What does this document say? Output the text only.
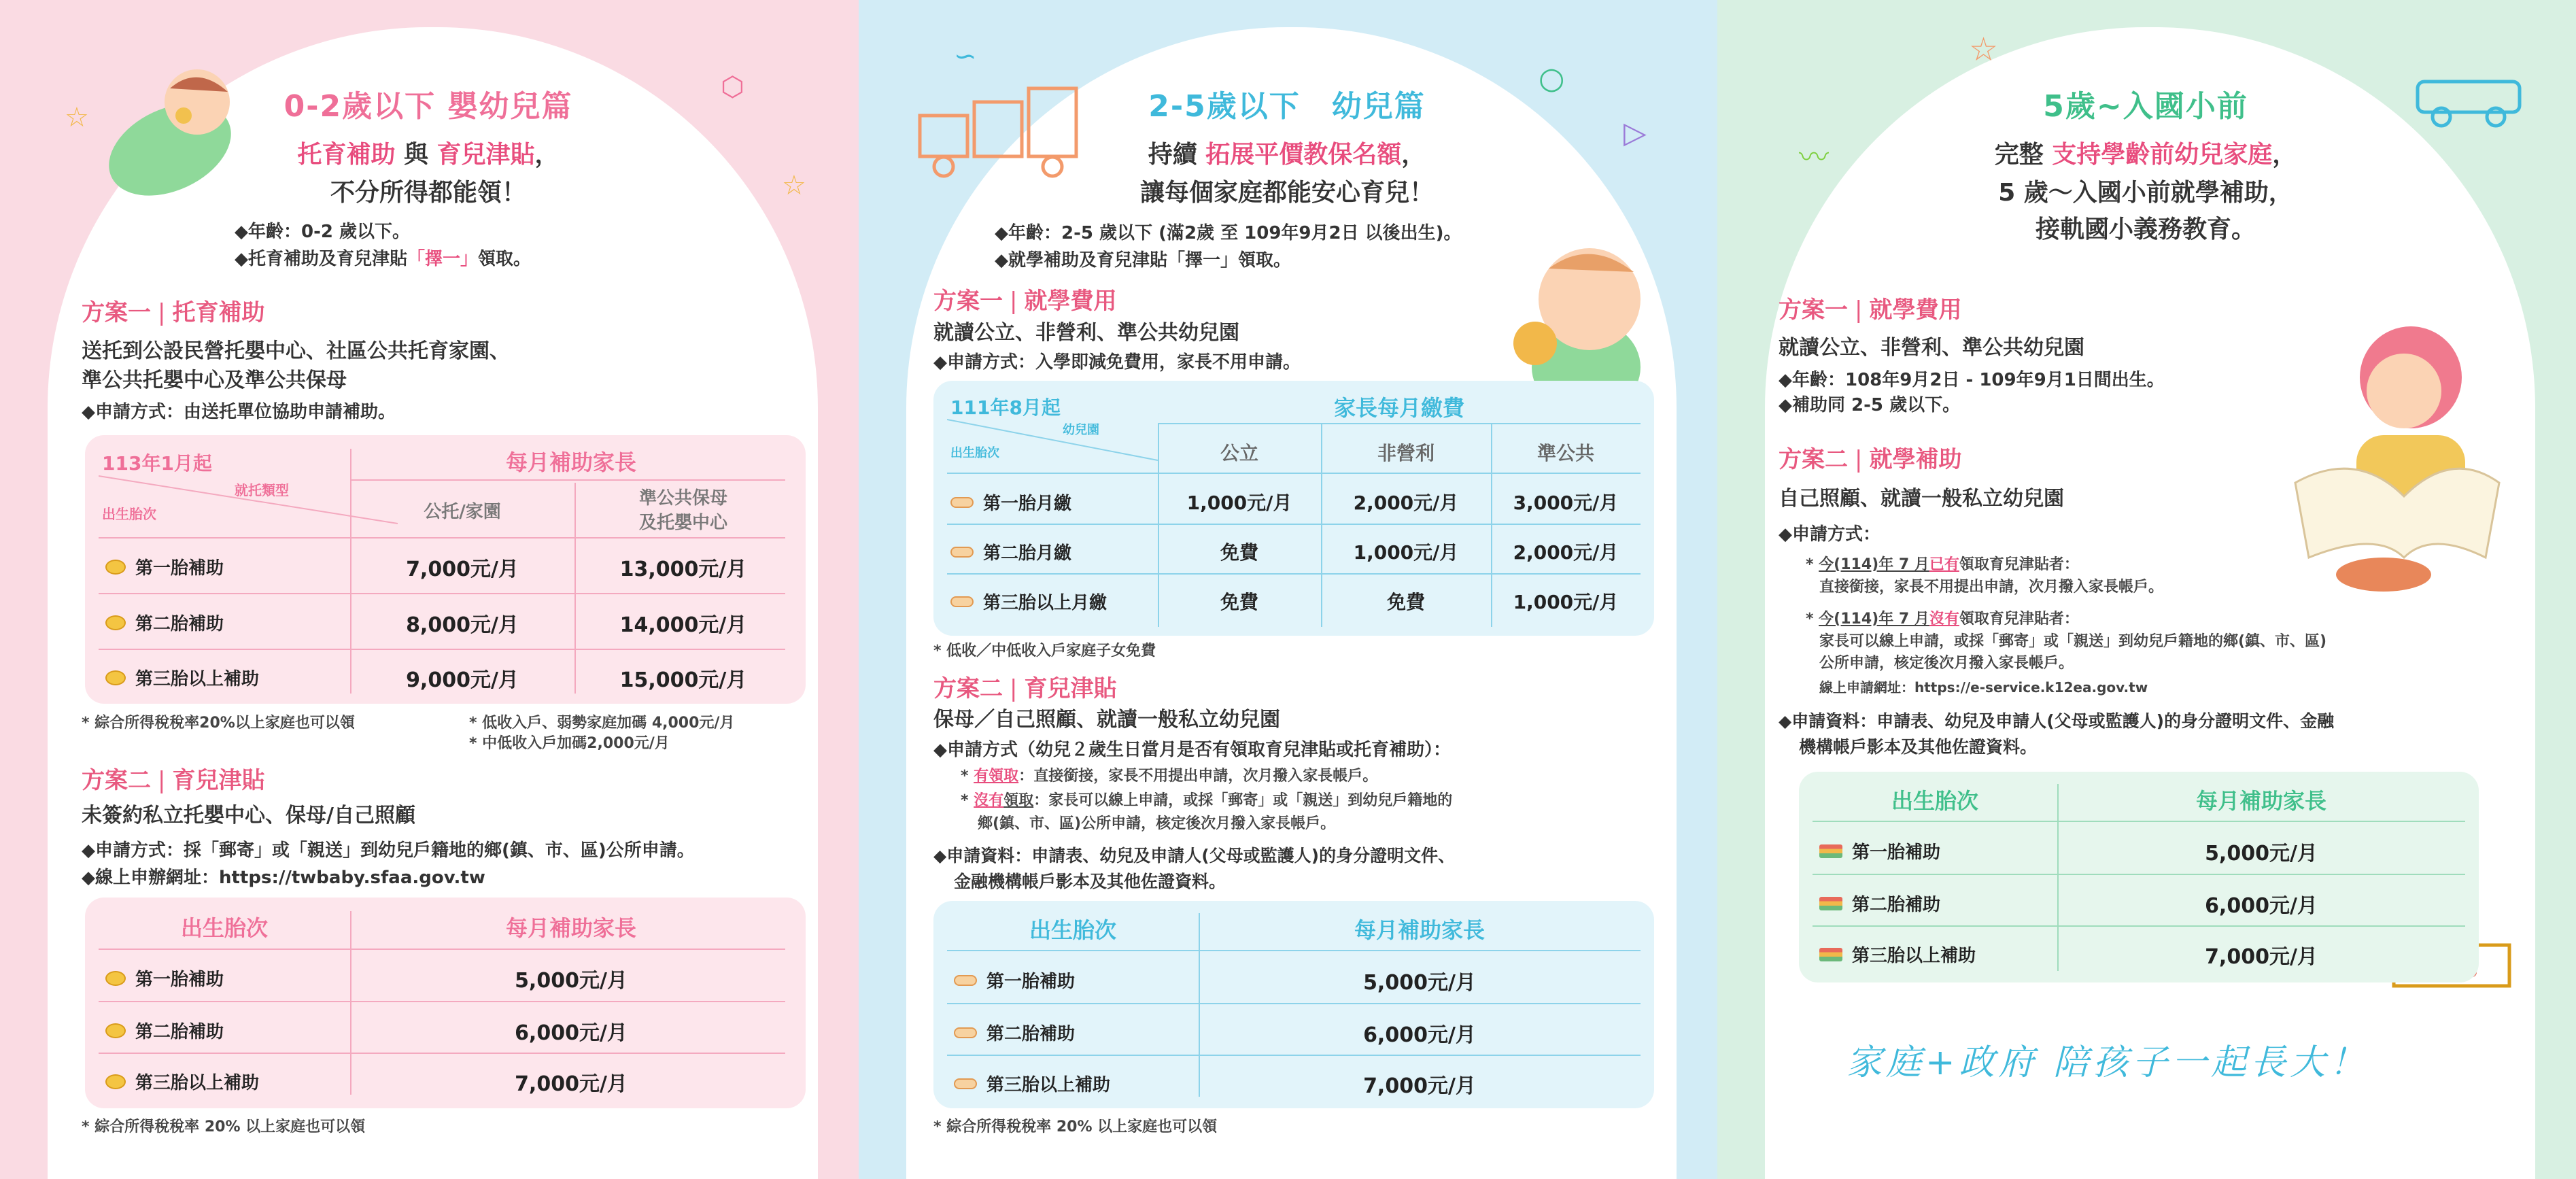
☆
☆
⬡
0-2歲以下 嬰幼兒篇
托育補助 與 育兒津貼，
不分所得都能領！
◆年齡：0-2 歲以下。
◆托育補助及育兒津貼「擇一」領取。
方案一 | 托育補助
送托到公設民營托嬰中心、社區公共托育家園、
準公共托嬰中心及準公共保母
◆申請方式：由送托單位協助申請補助。
113年1月起
就托類型
出生胎次
每月補助家長
公托/家園
準公共保母
及托嬰中心
第一胎補助	7,000元/月	13,000元/月
第二胎補助	8,000元/月	14,000元/月
第三胎以上補助	9,000元/月	15,000元/月
* 綜合所得稅稅率20%以上家庭也可以領	* 低收入戶、弱勢家庭加碼 4,000元/月
* 中低收入戶加碼2,000元/月
方案二 | 育兒津貼
未簽約私立托嬰中心、保母/自己照顧
◆申請方式：採「郵寄」或「親送」到幼兒戶籍地的鄉(鎮、市、區)公所申請。
◆線上申辦網址：https://twbaby.sfaa.gov.tw
出生胎次	每月補助家長
第一胎補助	5,000元/月
第二胎補助	6,000元/月
第三胎以上補助	7,000元/月
* 綜合所得稅稅率 20% 以上家庭也可以領
∽
○
▷
2-5歲以下　幼兒篇
持續 拓展平價教保名額，
讓每個家庭都能安心育兒！
◆年齡：2-5 歲以下 (滿2歲 至 109年9月2日 以後出生)。
◆就學補助及育兒津貼「擇一」領取。
方案一 | 就學費用
就讀公立、非營利、準公共幼兒園
◆申請方式：入學即減免費用，家長不用申請。
111年8月起
幼兒園
出生胎次
家長每月繳費
公立	非營利	準公共
第一胎月繳	1,000元/月	2,000元/月	3,000元/月
第二胎月繳	免費	1,000元/月	2,000元/月
第三胎以上月繳	免費	免費	1,000元/月
* 低收／中低收入戶家庭子女免費
方案二 | 育兒津貼
保母／自己照顧、就讀一般私立幼兒園
◆申請方式（幼兒２歲生日當月是否有領取育兒津貼或托育補助）：
* 有領取：直接銜接，家長不用提出申請，次月撥入家長帳戶。
* 沒有領取：家長可以線上申請，或採「郵寄」或「親送」到幼兒戶籍地的
鄉(鎮、市、區)公所申請，核定後次月撥入家長帳戶。
◆申請資料：申請表、幼兒及申請人(父母或監護人)的身分證明文件、
金融機構帳戶影本及其他佐證資料。
出生胎次	每月補助家長
第一胎補助	5,000元/月
第二胎補助	6,000元/月
第三胎以上補助	7,000元/月
* 綜合所得稅稅率 20% 以上家庭也可以領
☆
〰
5歲~入國小前
完整 支持學齡前幼兒家庭，
5 歲～入國小前就學補助，
接軌國小義務教育。
方案一 | 就學費用
就讀公立、非營利、準公共幼兒園
◆年齡：108年9月2日 - 109年9月1日間出生。
◆補助同 2-5 歲以下。
方案二 | 就學補助
自己照顧、就讀一般私立幼兒園
◆申請方式：
* 今(114)年 7 月已有領取育兒津貼者：
直接銜接，家長不用提出申請，次月撥入家長帳戶。
* 今(114)年 7 月沒有領取育兒津貼者：
家長可以線上申請，或採「郵寄」或「親送」到幼兒戶籍地的鄉(鎮、市、區)
公所申請，核定後次月撥入家長帳戶。
線上申請網址：https://e-service.k12ea.gov.tw
◆申請資料：申請表、幼兒及申請人(父母或監護人)的身分證明文件、金融
機構帳戶影本及其他佐證資料。
出生胎次	每月補助家長
第一胎補助	5,000元/月
第二胎補助	6,000元/月
第三胎以上補助	7,000元/月
家庭+政府 陪孩子一起長大！
